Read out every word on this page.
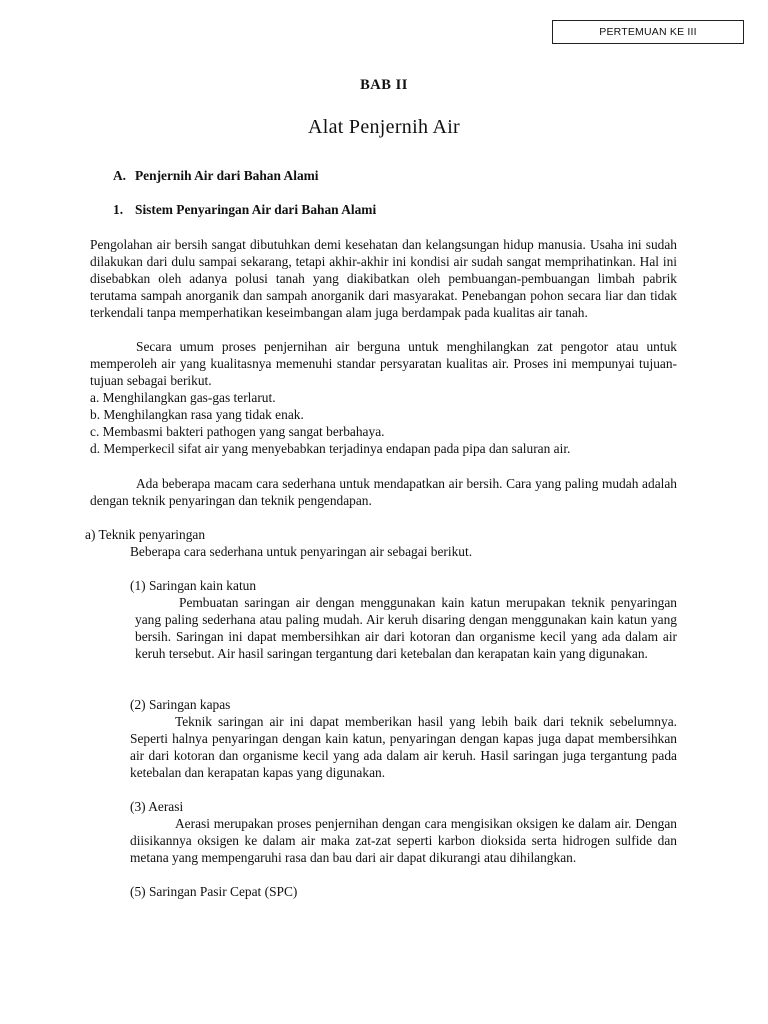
PERTEMUAN KE III
BAB II
Alat Penjernih Air
A. Penjernih Air dari Bahan Alami
1. Sistem Penyaringan Air dari Bahan Alami

Pengolahan air bersih sangat dibutuhkan demi kesehatan dan kelangsungan hidup manusia. Usaha ini sudah dilakukan dari dulu sampai sekarang, tetapi akhir-akhir ini kondisi air sudah sangat memprihatinkan. Hal ini disebabkan oleh adanya polusi tanah yang diakibatkan oleh pembuangan-pembuangan limbah pabrik terutama sampah anorganik dan sampah anorganik dari masyarakat. Penebangan pohon secara liar dan tidak terkendali tanpa memperhatikan keseimbangan alam juga berdampak pada kualitas air tanah.

Secara umum proses penjernihan air berguna untuk menghilangkan zat pengotor atau untuk memperoleh air yang kualitasnya memenuhi standar persyaratan kualitas air. Proses ini mempunyai tujuan-tujuan sebagai berikut.

a. Menghilangkan gas-gas terlarut.
b. Menghilangkan rasa yang tidak enak.
c. Membasmi bakteri pathogen yang sangat berbahaya.
d. Memperkecil sifat air yang menyebabkan terjadinya endapan pada pipa dan saluran air.

Ada beberapa macam cara sederhana untuk mendapatkan air bersih. Cara yang paling mudah adalah dengan teknik penyaringan dan teknik pengendapan.

a) Teknik penyaringan
Beberapa cara sederhana untuk penyaringan air sebagai berikut.
(1) Saringan kain katun

Pembuatan saringan air dengan menggunakan kain katun merupakan teknik penyaringan yang paling sederhana atau paling mudah. Air keruh disaring dengan menggunakan kain katun yang bersih. Saringan ini dapat membersihkan air dari kotoran dan organisme kecil yang ada dalam air keruh tersebut. Air hasil saringan tergantung dari ketebalan dan kerapatan kain yang digunakan.

(2) Saringan kapas

Teknik saringan air ini dapat memberikan hasil yang lebih baik dari teknik sebelumnya. Seperti halnya penyaringan dengan kain katun, penyaringan dengan kapas juga dapat membersihkan air dari kotoran dan organisme kecil yang ada dalam air keruh. Hasil saringan juga tergantung pada ketebalan dan kerapatan kapas yang digunakan.

(3) Aerasi

Aerasi merupakan proses penjernihan dengan cara mengisikan oksigen ke dalam air. Dengan diisikannya oksigen ke dalam air maka zat-zat seperti karbon dioksida serta hidrogen sulfide dan metana yang mempengaruhi rasa dan bau dari air dapat dikurangi atau dihilangkan.

(5) Saringan Pasir Cepat (SPC)
